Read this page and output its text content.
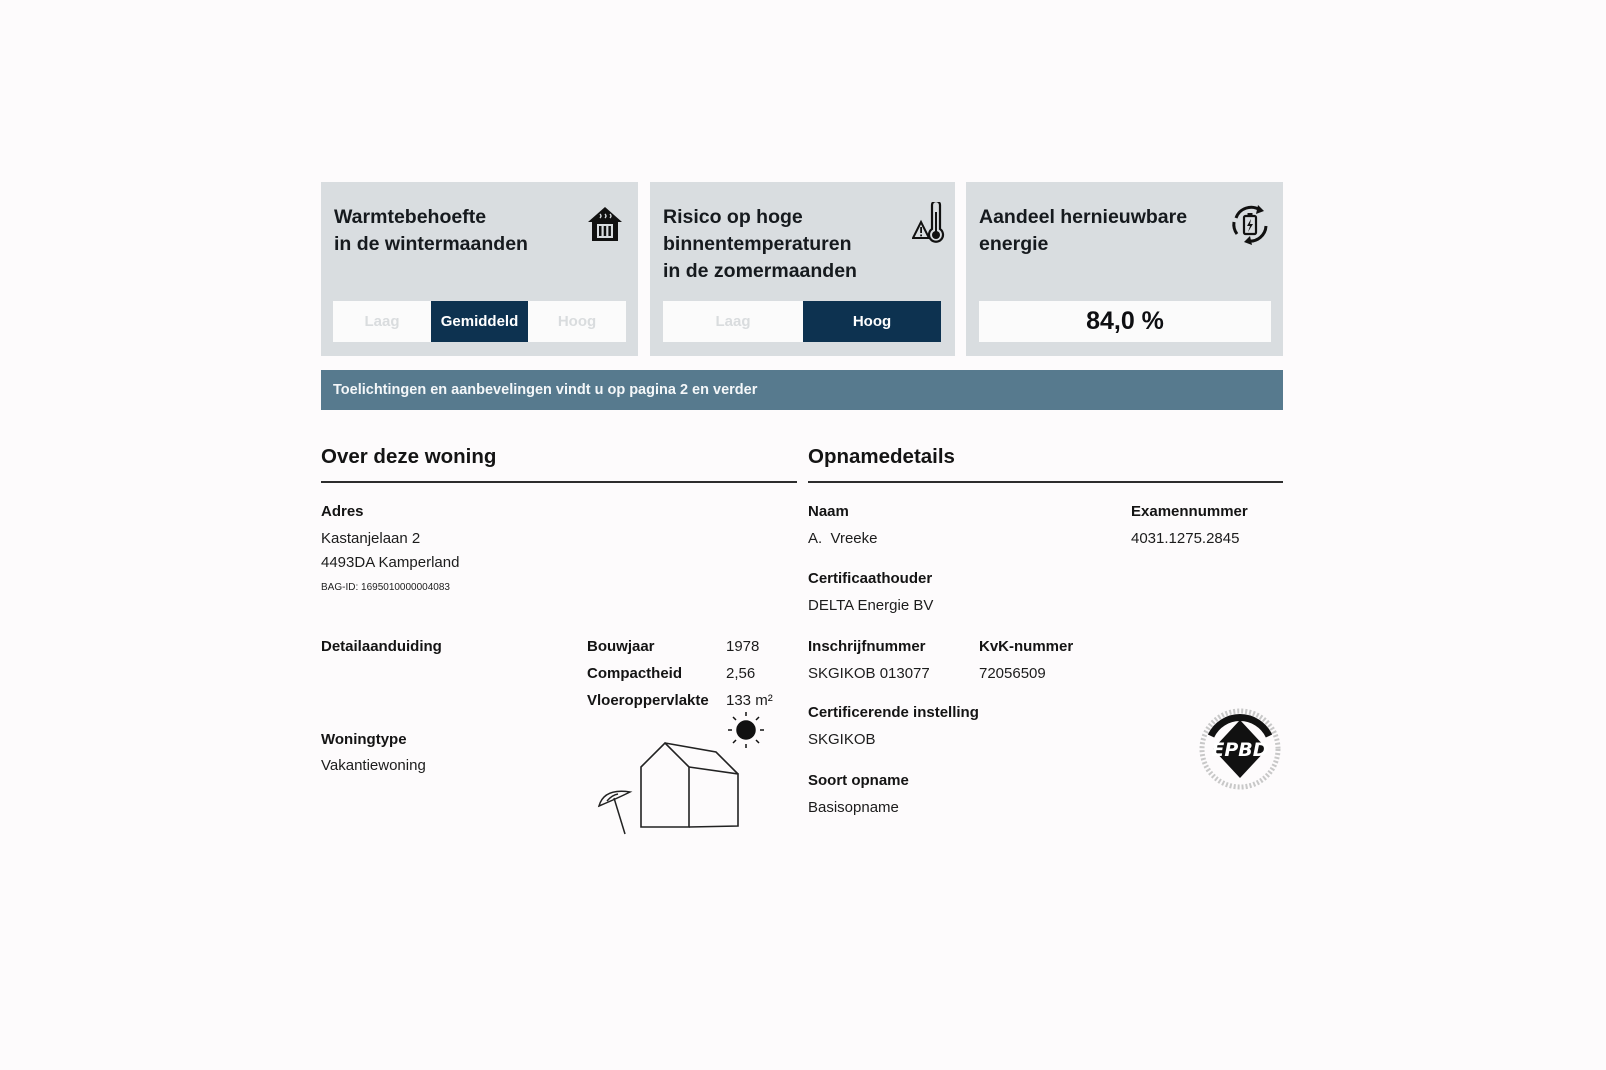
Warmtebehoefte
in de wintermaanden
Laag	Gemiddeld	Hoog
Risico op hoge
binnentemperaturen
in de zomermaanden
Laag	Hoog
Aandeel hernieuwbare
energie
84,0 %
Toelichtingen en aanbevelingen vindt u op pagina 2 en verder
Over deze woning
Adres
Kastanjelaan 2
4493DA Kamperland
BAG-ID: 1695010000004083
Detailaanduiding	Bouwjaar	1978
Compactheid	2,56
Vloeroppervlakte 133 m²
Woningtype
Vakantiewoning
Opnamedetails
Naam
A.  Vreeke
Examennummer
4031.1275.2845
Certificaathouder
DELTA Energie BV
Inschrijfnummer
SKGIKOB 013077
KvK-nummer
72056509
Certificerende instelling
SKGIKOB
Soort opname
Basisopname
EPBD
